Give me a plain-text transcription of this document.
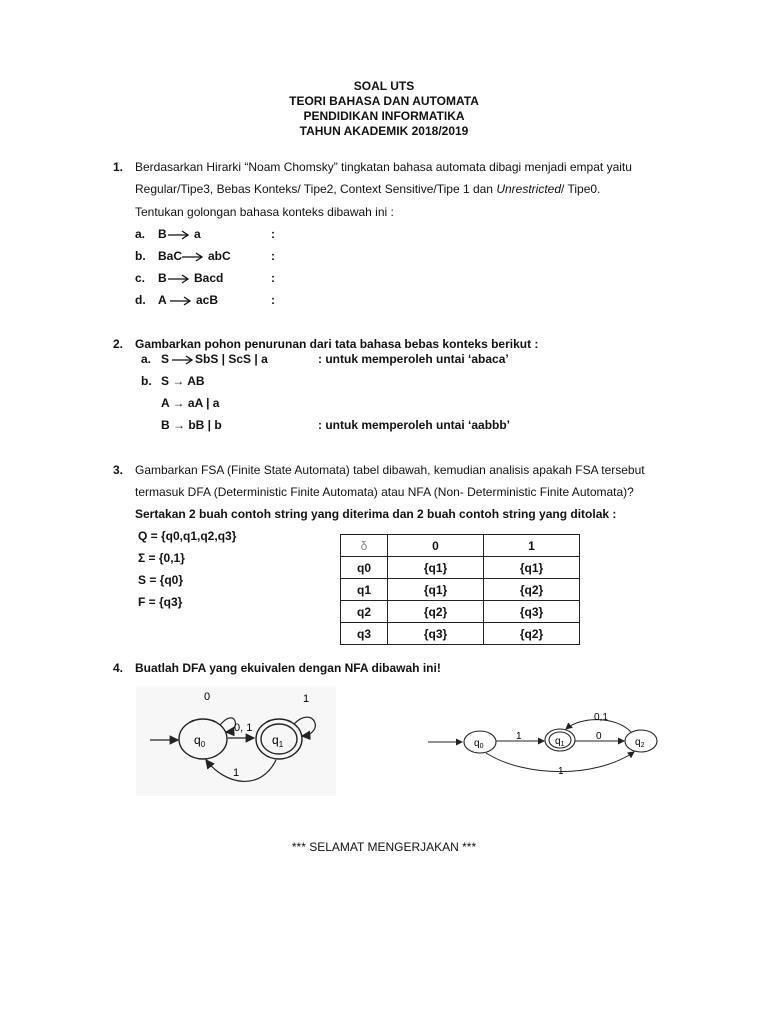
SOAL UTS
TEORI BAHASA DAN AUTOMATA
PENDIDIKAN INFORMATIKA
TAHUN AKADEMIK 2018/2019
1. Berdasarkan Hirarki “Noam Chomsky” tingkatan bahasa automata dibagi menjadi empat yaitu
Regular/Tipe3, Bebas Konteks/ Tipe2, Context Sensitive/Tipe 1 dan Unrestricted/ Tipe0.
Tentukan golongan bahasa konteks dibawah ini :
a. B a	:
b. BaC abC	:
c. B Bacd	:
d. A acB	:
2. Gambarkan pohon penurunan dari tata bahasa bebas konteks berikut :
a. S SbS | ScS | a	: untuk memperoleh untai ‘abaca’
b. S → AB
A → aA | a
B → bB | b	: untuk memperoleh untai ‘aabbb’
3. Gambarkan FSA (Finite State Automata) tabel dibawah, kemudian analisis apakah FSA tersebut
termasuk DFA (Deterministic Finite Automata) atau NFA (Non- Deterministic Finite Automata)?
Sertakan 2 buah contoh string yang diterima dan 2 buah contoh string yang ditolak :
Q = {q0,q1,q2,q3}
Σ = {0,1}
S = {q0}
F = {q3}
δ	0	1
q0	{q1}	{q1}
q1	{q1}	{q2}
q2	{q2}	{q3}
q3	{q3}	{q2}
4. Buatlah DFA yang ekuivalen dengan NFA dibawah ini!
$q_0$	$q_1$
0	1
0, 1
1
$q_0$	$q_1$	$q_2$
1	0
0,1
1
*** SELAMAT MENGERJAKAN ***
